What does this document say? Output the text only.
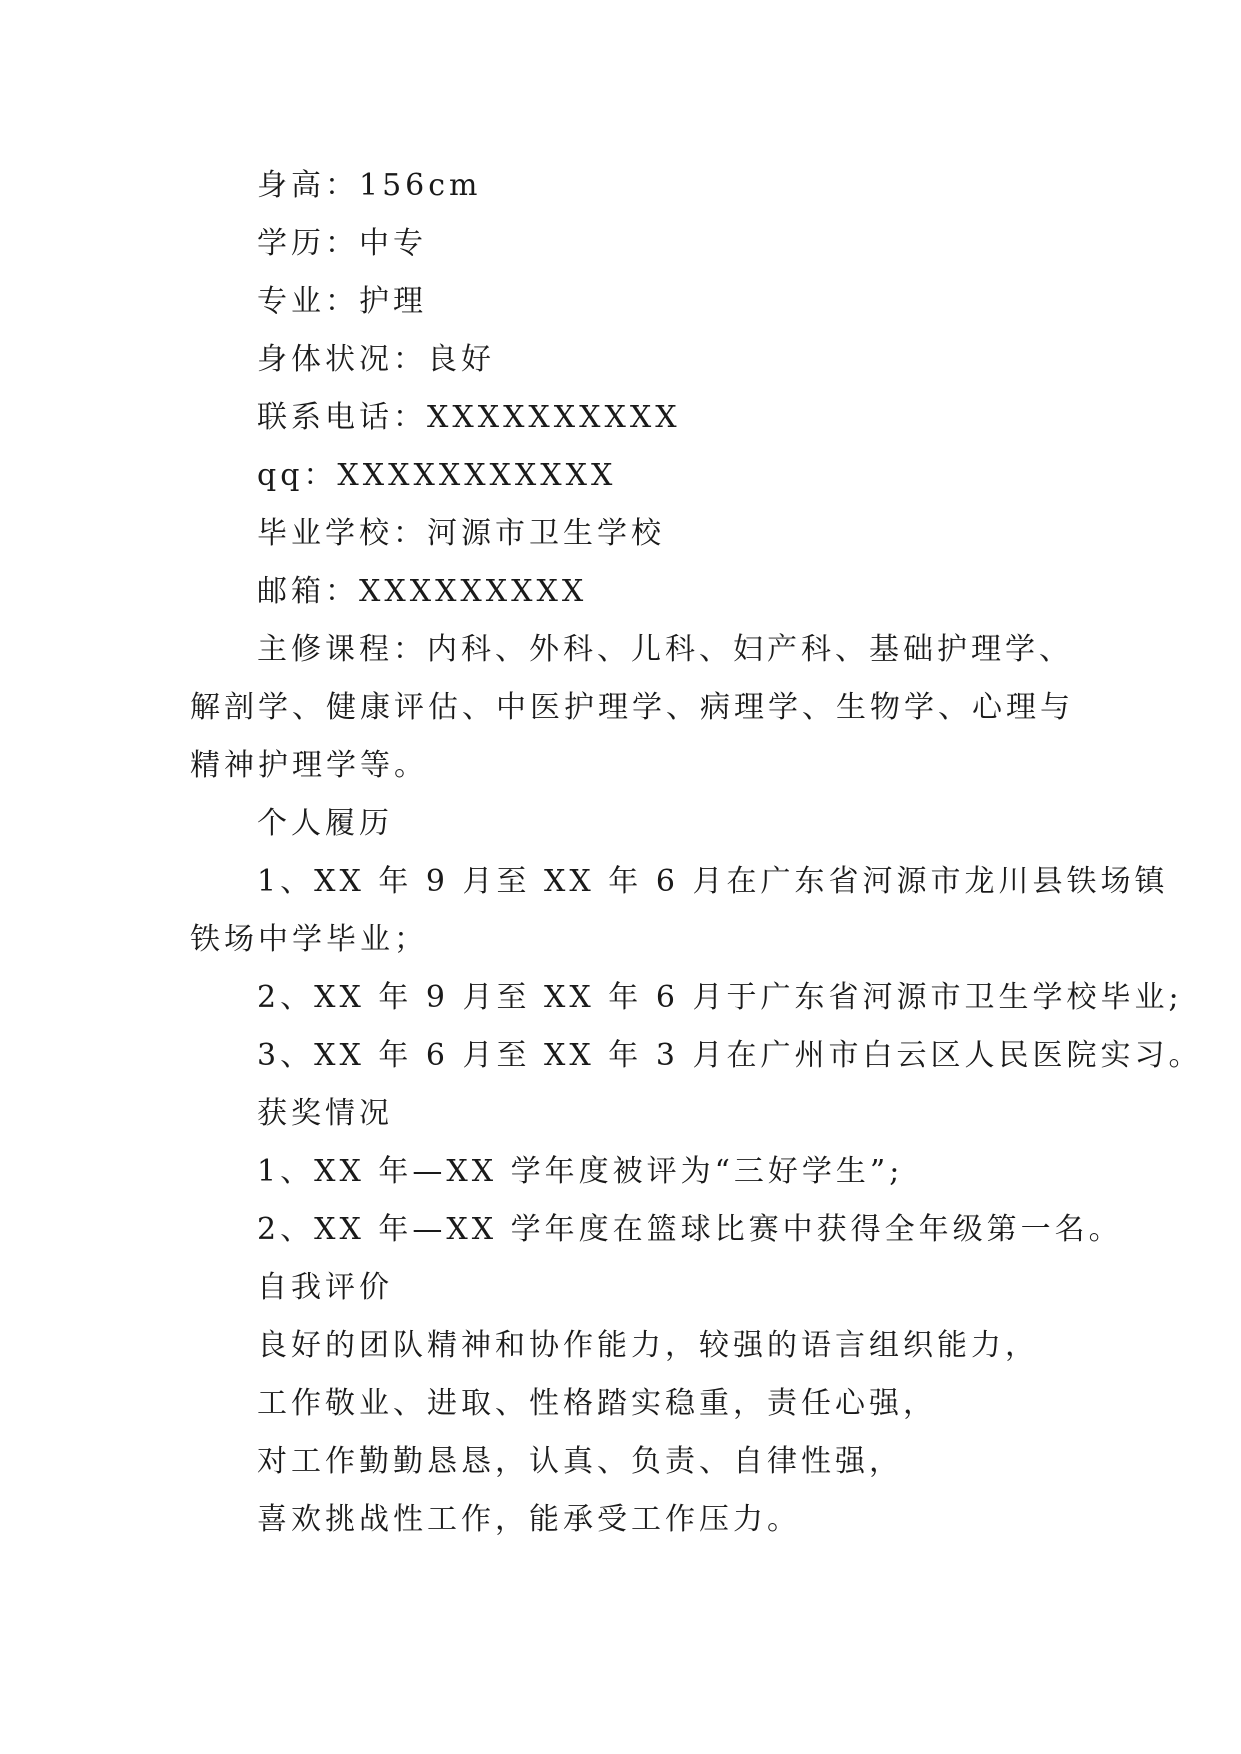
身高：156cm
学历：中专
专业：护理
身体状况：良好
联系电话：XXXXXXXXXX
qq：XXXXXXXXXXX
毕业学校：河源市卫生学校
邮箱：XXXXXXXXX
主修课程：内科、外科、儿科、妇产科、基础护理学、
解剖学、健康评估、中医护理学、病理学、生物学、心理与
精神护理学等。
个人履历
1、XX 年 9 月至 XX 年 6 月在广东省河源市龙川县铁场镇
铁场中学毕业；
2、XX 年 9 月至 XX 年 6 月于广东省河源市卫生学校毕业;
3、XX 年 6 月至 XX 年 3 月在广州市白云区人民医院实习。
获奖情况
1、XX 年—XX 学年度被评为“三好学生”;
2、XX 年—XX 学年度在篮球比赛中获得全年级第一名。
自我评价
良好的团队精神和协作能力，较强的语言组织能力，
工作敬业、进取、性格踏实稳重，责任心强，
对工作勤勤恳恳，认真、负责、自律性强，
喜欢挑战性工作，能承受工作压力。
